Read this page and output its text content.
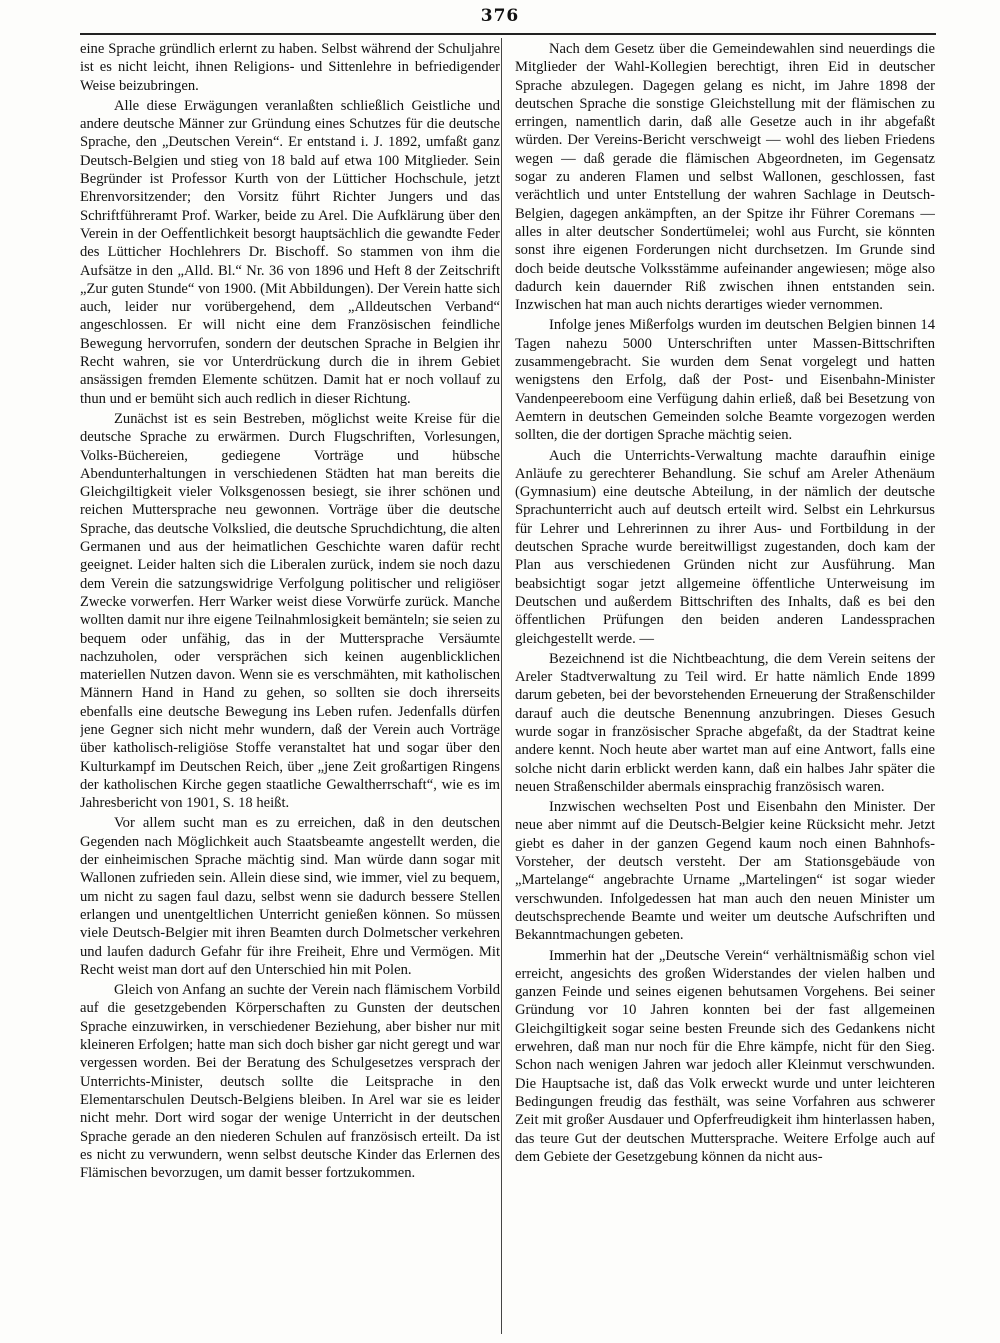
376

eine Sprache gründlich erlernt zu haben. Selbst während der Schuljahre ist es nicht leicht, ihnen Religions- und Sittenlehre in befriedigender Weise beizubringen.

Alle diese Erwägungen veranlaßten schließlich Geistliche und andere deutsche Männer zur Gründung eines Schutzes für die deutsche Sprache, den „Deutschen Verein“. Er entstand i. J. 1892, umfaßt ganz Deutsch-Belgien und stieg von 18 bald auf etwa 100 Mitglieder. Sein Begründer ist Professor Kurth von der Lütticher Hochschule, jetzt Ehrenvorsitzender; den Vorsitz führt Richter Jungers und das Schriftführeramt Prof. Warker, beide zu Arel. Die Aufklärung über den Verein in der Oeffentlichkeit besorgt hauptsächlich die gewandte Feder des Lütticher Hochlehrers Dr. Bischoff. So stammen von ihm die Aufsätze in den „Alld. Bl.“ Nr. 36 von 1896 und Heft 8 der Zeitschrift „Zur guten Stunde“ von 1900. (Mit Abbildungen). Der Verein hatte sich auch, leider nur vorübergehend, dem „Alldeutschen Verband“ angeschlossen. Er will nicht eine dem Französischen feindliche Bewegung hervorrufen, sondern der deutschen Sprache in Belgien ihr Recht wahren, sie vor Unterdrückung durch die in ihrem Gebiet ansässigen fremden Elemente schützen. Damit hat er noch vollauf zu thun und er bemüht sich auch redlich in dieser Richtung.

Zunächst ist es sein Bestreben, möglichst weite Kreise für die deutsche Sprache zu erwärmen. Durch Flugschriften, Vorlesungen, Volks-Büchereien, gediegene Vorträge und hübsche Abendunterhaltungen in verschiedenen Städten hat man bereits die Gleichgiltigkeit vieler Volksgenossen besiegt, sie ihrer schönen und reichen Muttersprache neu gewonnen. Vorträge über die deutsche Sprache, das deutsche Volkslied, die deutsche Spruchdichtung, die alten Germanen und aus der heimatlichen Geschichte waren dafür recht geeignet. Leider halten sich die Liberalen zurück, indem sie noch dazu dem Verein die satzungswidrige Verfolgung politischer und religiöser Zwecke vorwerfen. Herr Warker weist diese Vorwürfe zurück. Manche wollten damit nur ihre eigene Teilnahmlosigkeit bemänteln; sie seien zu bequem oder unfähig, das in der Muttersprache Versäumte nachzuholen, oder versprächen sich keinen augenblicklichen materiellen Nutzen davon. Wenn sie es verschmähten, mit katholischen Männern Hand in Hand zu gehen, so sollten sie doch ihrerseits ebenfalls eine deutsche Bewegung ins Leben rufen. Jedenfalls dürfen jene Gegner sich nicht mehr wundern, daß der Verein auch Vorträge über katholisch-religiöse Stoffe veranstaltet hat und sogar über den Kulturkampf im Deutschen Reich, über „jene Zeit großartigen Ringens der katholischen Kirche gegen staatliche Gewaltherrschaft“, wie es im Jahresbericht von 1901, S. 18 heißt.

Vor allem sucht man es zu erreichen, daß in den deutschen Gegenden nach Möglichkeit auch Staatsbeamte angestellt werden, die der einheimischen Sprache mächtig sind. Man würde dann sogar mit Wallonen zufrieden sein. Allein diese sind, wie immer, viel zu bequem, um nicht zu sagen faul dazu, selbst wenn sie dadurch bessere Stellen erlangen und unentgeltlichen Unterricht genießen können. So müssen viele Deutsch-Belgier mit ihren Beamten durch Dolmetscher verkehren und laufen dadurch Gefahr für ihre Freiheit, Ehre und Vermögen. Mit Recht weist man dort auf den Unterschied hin mit Polen.

Gleich von Anfang an suchte der Verein nach flämischem Vorbild auf die gesetzgebenden Körperschaften zu Gunsten der deutschen Sprache einzuwirken, in verschiedener Beziehung, aber bisher nur mit kleineren Erfolgen; hatte man sich doch bisher gar nicht geregt und war vergessen worden. Bei der Beratung des Schulgesetzes versprach der Unterrichts-Minister, deutsch sollte die Leitsprache in den Elementarschulen Deutsch-Belgiens bleiben. In Arel war sie es leider nicht mehr. Dort wird sogar der wenige Unterricht in der deutschen Sprache gerade an den niederen Schulen auf französisch erteilt. Da ist es nicht zu verwundern, wenn selbst deutsche Kinder das Erlernen des Flämischen bevorzugen, um damit besser fortzukommen.

Nach dem Gesetz über die Gemeindewahlen sind neuerdings die Mitglieder der Wahl-Kollegien berechtigt, ihren Eid in deutscher Sprache abzulegen. Dagegen gelang es nicht, im Jahre 1898 der deutschen Sprache die sonstige Gleichstellung mit der flämischen zu erringen, namentlich darin, daß alle Gesetze auch in ihr abgefaßt würden. Der Vereins-Bericht verschweigt — wohl des lieben Friedens wegen — daß gerade die flämischen Abgeordneten, im Gegensatz sogar zu anderen Flamen und selbst Wallonen, geschlossen, fast verächtlich und unter Entstellung der wahren Sachlage in Deutsch-Belgien, dagegen ankämpften, an der Spitze ihr Führer Coremans — alles in alter deutscher Sondertümelei; wohl aus Furcht, sie könnten sonst ihre eigenen Forderungen nicht durchsetzen. Im Grunde sind doch beide deutsche Volksstämme aufeinander angewiesen; möge also dadurch kein dauernder Riß zwischen ihnen entstanden sein. Inzwischen hat man auch nichts derartiges wieder vernommen.

Infolge jenes Mißerfolgs wurden im deutschen Belgien binnen 14 Tagen nahezu 5000 Unterschriften unter Massen-Bittschriften zusammengebracht. Sie wurden dem Senat vorgelegt und hatten wenigstens den Erfolg, daß der Post- und Eisenbahn-Minister Vandenpeereboom eine Verfügung dahin erließ, daß bei Besetzung von Aemtern in deutschen Gemeinden solche Beamte vorgezogen werden sollten, die der dortigen Sprache mächtig seien.

Auch die Unterrichts-Verwaltung machte daraufhin einige Anläufe zu gerechterer Behandlung. Sie schuf am Areler Athenäum (Gymnasium) eine deutsche Abteilung, in der nämlich der deutsche Sprachunterricht auch auf deutsch erteilt wird. Selbst ein Lehrkursus für Lehrer und Lehrerinnen zu ihrer Aus- und Fortbildung in der deutschen Sprache wurde bereitwilligst zugestanden, doch kam der Plan aus verschiedenen Gründen nicht zur Ausführung. Man beabsichtigt sogar jetzt allgemeine öffentliche Unterweisung im Deutschen und außerdem Bittschriften des Inhalts, daß es bei den öffentlichen Prüfungen den beiden anderen Landessprachen gleichgestellt werde. —

Bezeichnend ist die Nichtbeachtung, die dem Verein seitens der Areler Stadtverwaltung zu Teil wird. Er hatte nämlich Ende 1899 darum gebeten, bei der bevorstehenden Erneuerung der Straßenschilder darauf auch die deutsche Benennung anzubringen. Dieses Gesuch wurde sogar in französischer Sprache abgefaßt, da der Stadtrat keine andere kennt. Noch heute aber wartet man auf eine Antwort, falls eine solche nicht darin erblickt werden kann, daß ein halbes Jahr später die neuen Straßenschilder abermals einsprachig französisch waren.

Inzwischen wechselten Post und Eisenbahn den Minister. Der neue aber nimmt auf die Deutsch-Belgier keine Rücksicht mehr. Jetzt giebt es daher in der ganzen Gegend kaum noch einen Bahnhofs-Vorsteher, der deutsch versteht. Der am Stationsgebäude von „Martelange“ angebrachte Urname „Martelingen“ ist sogar wieder verschwunden. Infolgedessen hat man auch den neuen Minister um deutschsprechende Beamte und weiter um deutsche Aufschriften und Bekanntmachungen gebeten.

Immerhin hat der „Deutsche Verein“ verhältnismäßig schon viel erreicht, angesichts des großen Widerstandes der vielen halben und ganzen Feinde und seines eigenen behutsamen Vorgehens. Bei seiner Gründung vor 10 Jahren konnten bei der fast allgemeinen Gleichgiltigkeit sogar seine besten Freunde sich des Gedankens nicht erwehren, daß man nur noch für die Ehre kämpfe, nicht für den Sieg. Schon nach wenigen Jahren war jedoch aller Kleinmut verschwunden. Die Hauptsache ist, daß das Volk erweckt wurde und unter leichteren Bedingungen freudig das festhält, was seine Vorfahren aus schwerer Zeit mit großer Ausdauer und Opferfreudigkeit ihm hinterlassen haben, das teure Gut der deutschen Muttersprache. Weitere Erfolge auch auf dem Gebiete der Gesetzgebung können da nicht aus-
